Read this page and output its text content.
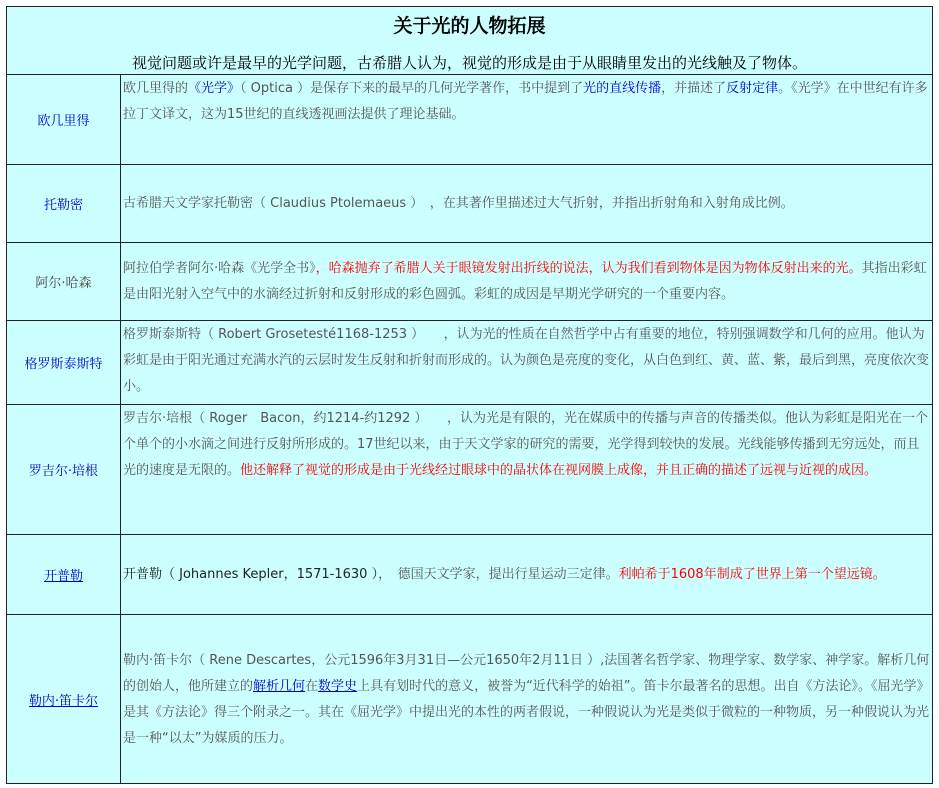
关于光的人物拓展
视觉问题或许是最早的光学问题，古希腊人认为，视觉的形成是由于从眼睛里发出的光线触及了物体。	

欧几里得	欧几里得的《光学》（ Optica ）是保存下来的最早的几何光学著作，书中提到了光的直线传播，并描述了反射定律。《光学》在中世纪有许多拉丁文译文，这为15世纪的直线透视画法提供了理论基础。
托勒密	古希腊天文学家托勒密（ Claudius Ptolemaeus ）　，在其著作里描述过大气折射，并指出折射角和入射角成比例。
阿尔·哈森	阿拉伯学者阿尔·哈森《光学全书》，哈森抛弃了希腊人关于眼镜发射出折线的说法，认为我们看到物体是因为物体反射出来的光。其指出彩虹是由阳光射入空气中的水滴经过折射和反射形成的彩色圆弧。彩虹的成因是早期光学研究的一个重要内容。
格罗斯泰斯特	格罗斯泰斯特（ Robert Grosetesté1168-1253 ）　　，认为光的性质在自然哲学中占有重要的地位，特别强调数学和几何的应用。他认为彩虹是由于阳光通过充满水汽的云层时发生反射和折射而形成的。认为颜色是亮度的变化，从白色到红、黄、蓝、紫，最后到黑，亮度依次变小。
罗吉尔·培根	罗吉尔·培根（ Roger　Bacon，约1214-约1292 ）　　，认为光是有限的，光在媒质中的传播与声音的传播类似。他认为彩虹是阳光在一个个单个的小水滴之间进行反射所形成的。17世纪以来，由于天文学家的研究的需要，光学得到较快的发展。光线能够传播到无穷远处，而且光的速度是无限的。他还解释了视觉的形成是由于光线经过眼球中的晶状体在视网膜上成像，并且正确的描述了远视与近视的成因。
开普勒	开普勒（ Johannes Kepler，1571-1630 ），　德国天文学家，提出行星运动三定律。利帕希于1608年制成了世界上第一个望远镜。
勒内·笛卡尔	勒内·笛卡尔（ Rene Descartes，公元1596年3月31日—公元1650年2月11日 ）,法国著名哲学家、物理学家、数学家、神学家。解析几何的创始人，他所建立的解析几何在数学史上具有划时代的意义，被誉为“近代科学的始祖”。笛卡尔最著名的思想。出自《方法论》。《屈光学》是其《方法论》得三个附录之一。其在《屈光学》中提出光的本性的两者假说，一种假说认为光是类似于微粒的一种物质，另一种假说认为光是一种“以太”为媒质的压力。
